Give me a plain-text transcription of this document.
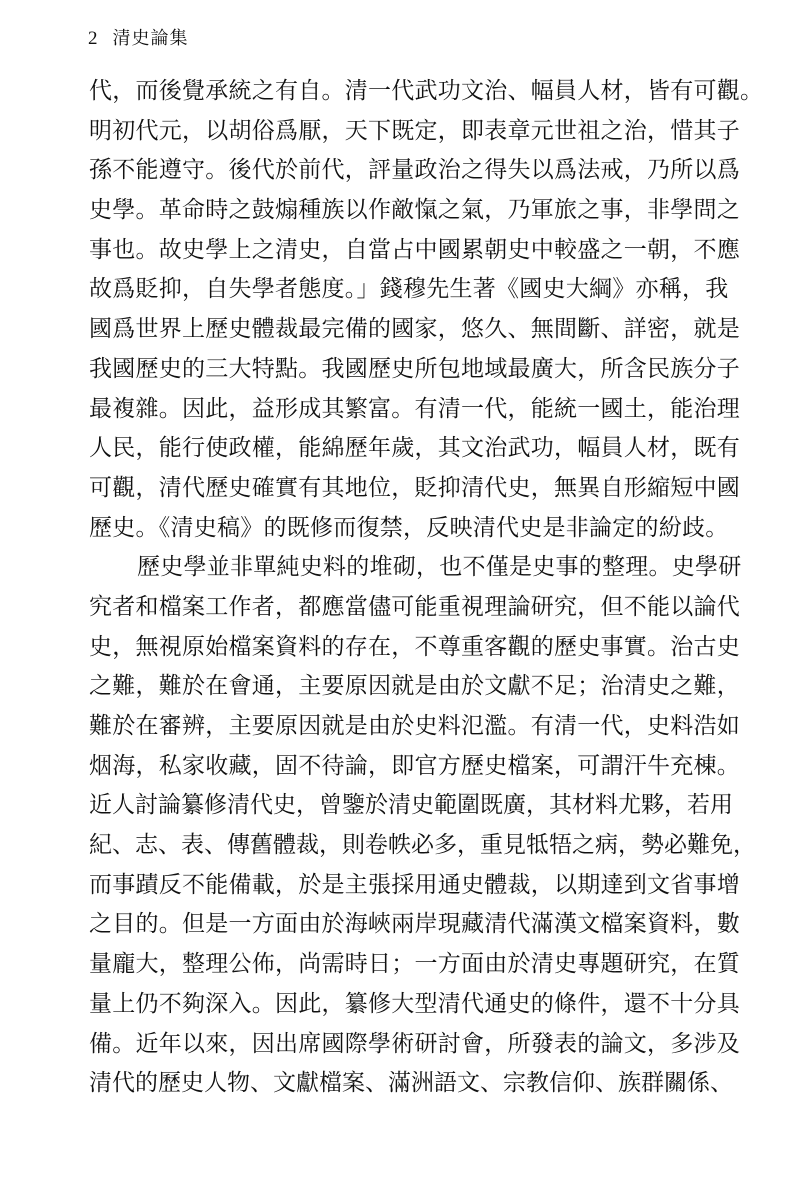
2 清史論集
代，而後覺承統之有自。清一代武功文治、幅員人材，皆有可觀。
明初代元，以胡俗爲厭，天下既定，即表章元世祖之治，惜其子
孫不能遵守。後代於前代，評量政治之得失以爲法戒，乃所以爲
史學。革命時之鼓煽種族以作敵愾之氣，乃軍旅之事，非學問之
事也。故史學上之清史，自當占中國累朝史中較盛之一朝，不應
故爲貶抑，自失學者態度。」錢穆先生著《國史大綱》亦稱，我
國爲世界上歷史體裁最完備的國家，悠久、無間斷、詳密，就是
我國歷史的三大特點。我國歷史所包地域最廣大，所含民族分子
最複雜。因此，益形成其繁富。有清一代，能統一國土，能治理
人民，能行使政權，能綿歷年歲，其文治武功，幅員人材，既有
可觀，清代歷史確實有其地位，貶抑清代史，無異自形縮短中國
歷史。《清史稿》的既修而復禁，反映清代史是非論定的紛歧。
歷史學並非單純史料的堆砌，也不僅是史事的整理。史學研
究者和檔案工作者，都應當儘可能重視理論研究，但不能以論代
史，無視原始檔案資料的存在，不尊重客觀的歷史事實。治古史
之難，難於在會通，主要原因就是由於文獻不足；治清史之難，
難於在審辨，主要原因就是由於史料氾濫。有清一代，史料浩如
烟海，私家收藏，固不待論，即官方歷史檔案，可謂汗牛充棟。
近人討論纂修清代史，曾鑒於清史範圍既廣，其材料尤夥，若用
紀、志、表、傳舊體裁，則卷帙必多，重見牴牾之病，勢必難免，
而事蹟反不能備載，於是主張採用通史體裁，以期達到文省事增
之目的。但是一方面由於海峽兩岸現藏清代滿漢文檔案資料，數
量龐大，整理公佈，尚需時日；一方面由於清史專題研究，在質
量上仍不夠深入。因此，纂修大型清代通史的條件，還不十分具
備。近年以來，因出席國際學術研討會，所發表的論文，多涉及
清代的歷史人物、文獻檔案、滿洲語文、宗教信仰、族群關係、
